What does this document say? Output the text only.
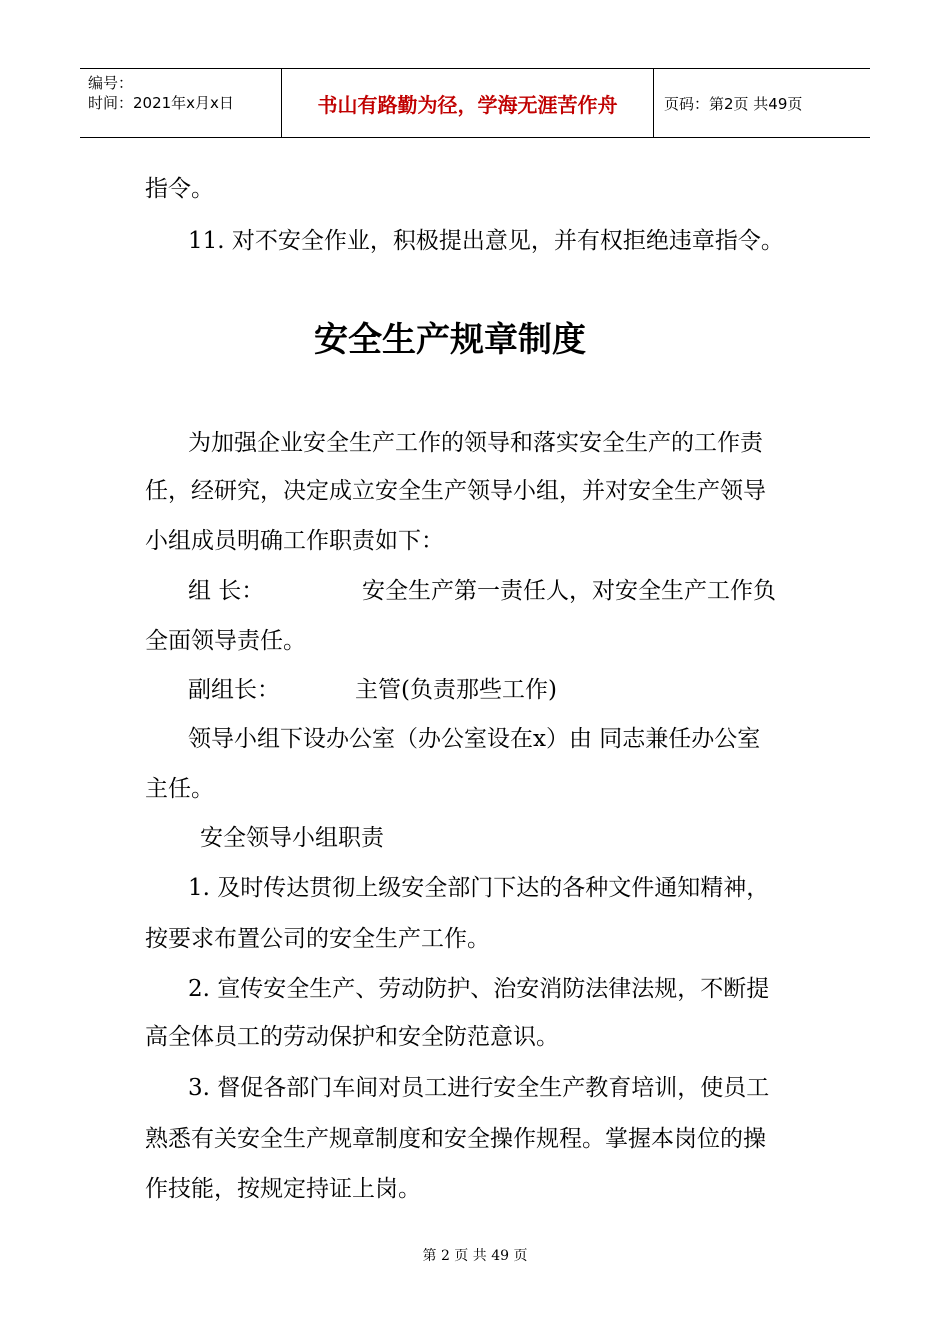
编号：
时间：2021年x月x日	书山有路勤为径，学海无涯苦作舟	页码：第2页 共49页
指令。
11. 对不安全作业，积极提出意见，并有权拒绝违章指令。
安全生产规章制度
为加强企业安全生产工作的领导和落实安全生产的工作责
任，经研究，决定成立安全生产领导小组，并对安全生产领导
小组成员明确工作职责如下：
组 长：	安全生产第一责任人，对安全生产工作负
全面领导责任。
副组长：	主管(负责那些工作)
领导小组下设办公室（办公室设在x）由 同志兼任办公室
主任。
安全领导小组职责
1. 及时传达贯彻上级安全部门下达的各种文件通知精神，
按要求布置公司的安全生产工作。
2. 宣传安全生产、劳动防护、治安消防法律法规，不断提
高全体员工的劳动保护和安全防范意识。
3. 督促各部门车间对员工进行安全生产教育培训，使员工
熟悉有关安全生产规章制度和安全操作规程。掌握本岗位的操
作技能，按规定持证上岗。
第 2 页 共 49 页
